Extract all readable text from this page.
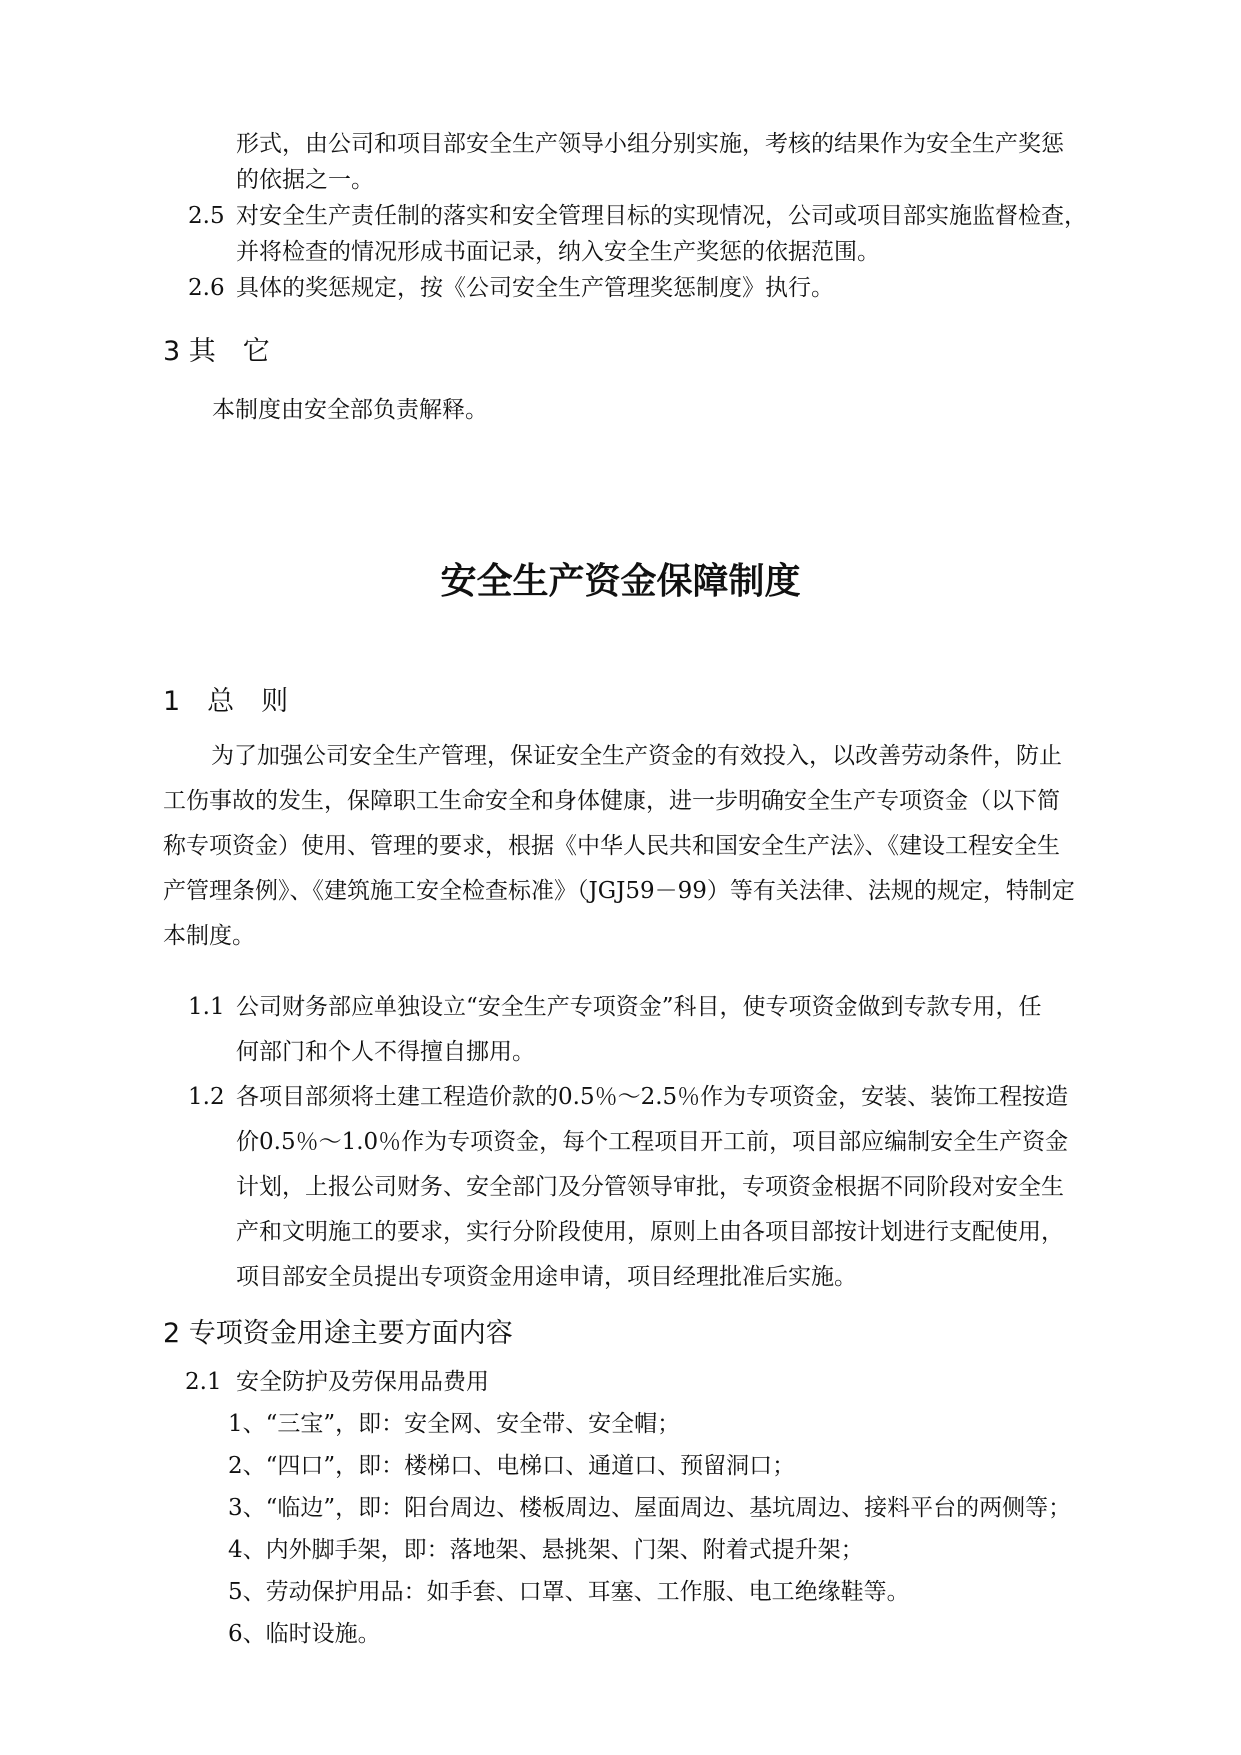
形式，由公司和项目部安全生产领导小组分别实施，考核的结果作为安全生产奖惩
的依据之一。
2.5 对安全生产责任制的落实和安全管理目标的实现情况，公司或项目部实施监督检查，
并将检查的情况形成书面记录，纳入安全生产奖惩的依据范围。
2.6 具体的奖惩规定，按《公司安全生产管理奖惩制度》执行。
3 其　它
本制度由安全部负责解释。
安全生产资金保障制度
1　总　则
　为了加强公司安全生产管理，保证安全生产资金的有效投入，以改善劳动条件，防止
工伤事故的发生，保障职工生命安全和身体健康，进一步明确安全生产专项资金（以下简
称专项资金）使用、管理的要求，根据《中华人民共和国安全生产法》、《建设工程安全生
产管理条例》、《建筑施工安全检查标准》（JGJ59－99）等有关法律、法规的规定，特制定
本制度。
1.1 公司财务部应单独设立“安全生产专项资金”科目，使专项资金做到专款专用，任
何部门和个人不得擅自挪用。
1.2 各项目部须将土建工程造价款的0.5％～2.5％作为专项资金，安装、装饰工程按造
价0.5％～1.0％作为专项资金，每个工程项目开工前，项目部应编制安全生产资金
计划，上报公司财务、安全部门及分管领导审批，专项资金根据不同阶段对安全生
产和文明施工的要求，实行分阶段使用，原则上由各项目部按计划进行支配使用，
项目部安全员提出专项资金用途申请，项目经理批准后实施。
2 专项资金用途主要方面内容
2.1 安全防护及劳保用品费用
1、“三宝”，即：安全网、安全带、安全帽；
2、“四口”，即：楼梯口、电梯口、通道口、预留洞口；
3、“临边”，即：阳台周边、楼板周边、屋面周边、基坑周边、接料平台的两侧等；
4、内外脚手架，即：落地架、悬挑架、门架、附着式提升架；
5、劳动保护用品：如手套、口罩、耳塞、工作服、电工绝缘鞋等。
6、临时设施。
